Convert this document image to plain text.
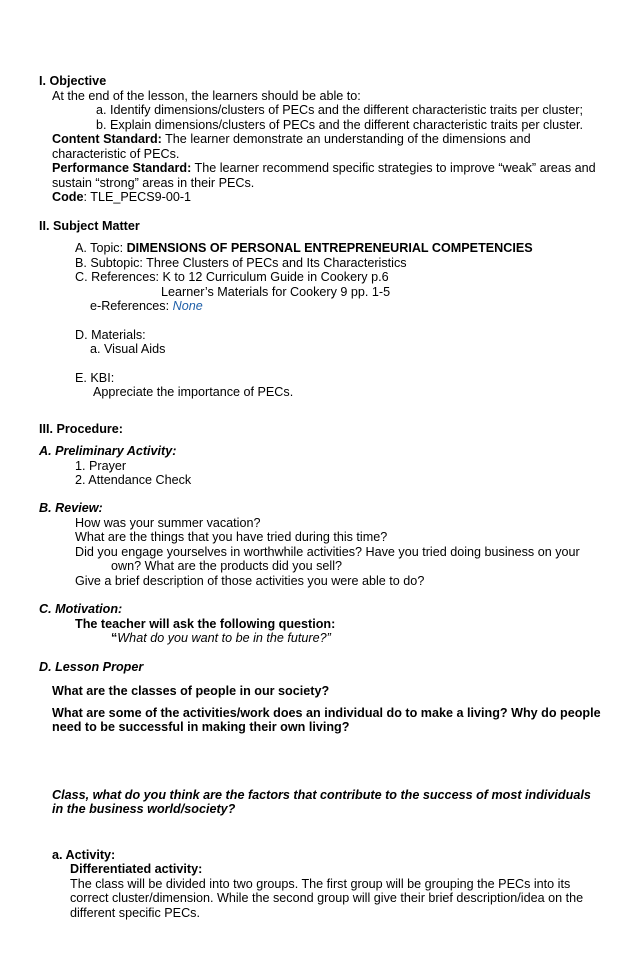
I. Objective
At the end of the lesson, the learners should be able to:
a. Identify dimensions/clusters of PECs and the different characteristic traits per cluster;
b. Explain dimensions/clusters of PECs and the different characteristic traits per cluster.
Content Standard: The learner demonstrate an understanding of the dimensions and
characteristic of PECs.
Performance Standard: The learner recommend specific strategies to improve “weak” areas and
sustain “strong” areas in their PECs.
Code: TLE_PECS9-00-1
II. Subject Matter
A. Topic: DIMENSIONS OF PERSONAL ENTREPRENEURIAL COMPETENCIES
B. Subtopic: Three Clusters of PECs and Its Characteristics
C. References: K to 12 Curriculum Guide in Cookery p.6
Learner’s Materials for Cookery 9 pp. 1-5
e-References: None
D. Materials:
a. Visual Aids
E. KBI:
Appreciate the importance of PECs.
III. Procedure:
A. Preliminary Activity:
1. Prayer
2. Attendance Check
B. Review:
How was your summer vacation?
What are the things that you have tried during this time?
Did you engage yourselves in worthwhile activities? Have you tried doing business on your
own? What are the products did you sell?
Give a brief description of those activities you were able to do?
C. Motivation:
The teacher will ask the following question:
“What do you want to be in the future?”
D. Lesson Proper
What are the classes of people in our society?
What are some of the activities/work does an individual do to make a living? Why do people
need to be successful in making their own living?
Class, what do you think are the factors that contribute to the success of most individuals
in the business world/society?
a. Activity:
Differentiated activity:
The class will be divided into two groups. The first group will be grouping the PECs into its
correct cluster/dimension. While the second group will give their brief description/idea on the
different specific PECs.
